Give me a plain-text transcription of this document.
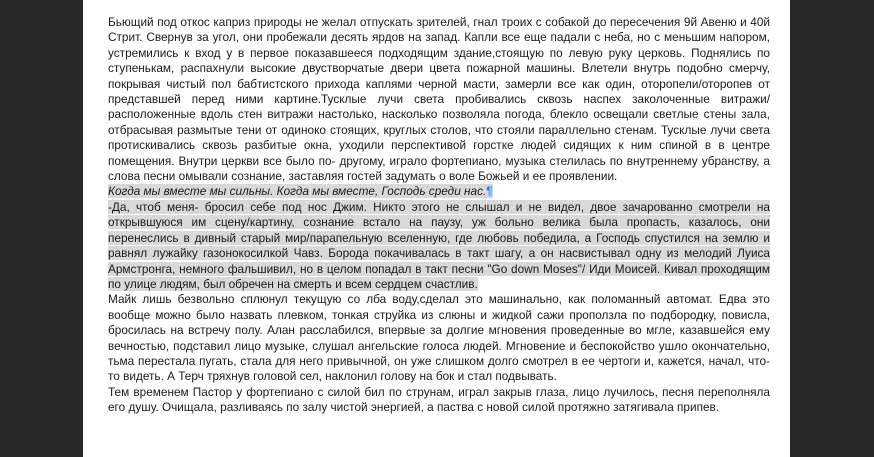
Бьющий под откос каприз природы не желал отпускать зрителей, гнал троих с собакой до пересечения 9й Авеню и 40й Стрит. Свернув за угол, они пробежали десять ярдов на запад. Капли все еще падали с неба, но с меньшим напором, устремились к вход у в первое показавшееся подходящим здание,стоящую по левую руку церковь. Поднялись по ступенькам, распахнули высокие двустворчатые двери цвета пожарной машины. Влетели внутрь подобно смерчу, покрывая чистый пол бабтистского прихода каплями черной масти, замерли все как один, оторопели/оторопев от представшей перед ними картине.Тусклые лучи света пробивались сквозь наспех заколоченные витражи/расположенные вдоль стен витражи настолько, насколько позволяла погода, блекло освещали светлые стены зала, отбрасывая размытые тени от одиноко стоящих, круглых столов, что стояли параллельно стенам. Тусклые лучи света протискивались сквозь разбитые окна, уходили перспективой горстке людей сидящих к ним спиной в в центре помещения. Внутри церкви все было по- другому, играло фортепиано, музыка стелилась по внутреннему убранству, а слова песни омывали сознание, заставляя гостей задумать о воле Божьей и ее проявлении.

Когда мы вместе мы сильны. Когда мы вместе, Господь среди нас.¶

-Да, чтоб меня- бросил себе под нос Джим. Никто этого не слышал и не видел, двое зачарованно смотрели на открывшуюся им сцену/картину, сознание встало на паузу, уж больно велика была пропасть, казалось, они перенеслись в дивный старый мир/парапельную вселенную, где любовь победила, а Господь спустился на землю и равнял лужайку газонокосилкой Чавз. Борода покачивалась в такт шагу, а он насвистывал одну из мелодий Луиса Армстронга, немного фальшивил, но в целом попадал в такт песни "Go down Moses"/ Иди Моисей. Кивал проходящим по улице людям, был обречен на смерть и всем сердцем счастлив.

Майк лишь безвольно сплюнул текущую со лба воду,сделал это машинально, как поломанный автомат. Едва это вообще можно было назвать плевком, тонкая струйка из слюны и жидкой сажи проползла по подбородку, повисла, бросилась на встречу полу. Алан расслабился, впервые за долгие мгновения проведенные во мгле, казавшейся ему вечностью, подставил лицо музыке, слушал ангельские голоса людей. Мгновение и беспокойство ушло окончательно, тьма перестала пугать, стала для него привычной, он уже слишком долго смотрел в ее чертоги и, кажется, начал, что-то видеть. А Терч тряхнув головой сел, наклонил голову на бок и стал подвывать.

Тем временем Пастор у фортепиано с силой бил по струнам, играл закрыв глаза, лицо лучилось, песня переполняла его душу. Очищала, разливаясь по залу чистой энергией, а паства с новой силой протяжно затягивала припев.
